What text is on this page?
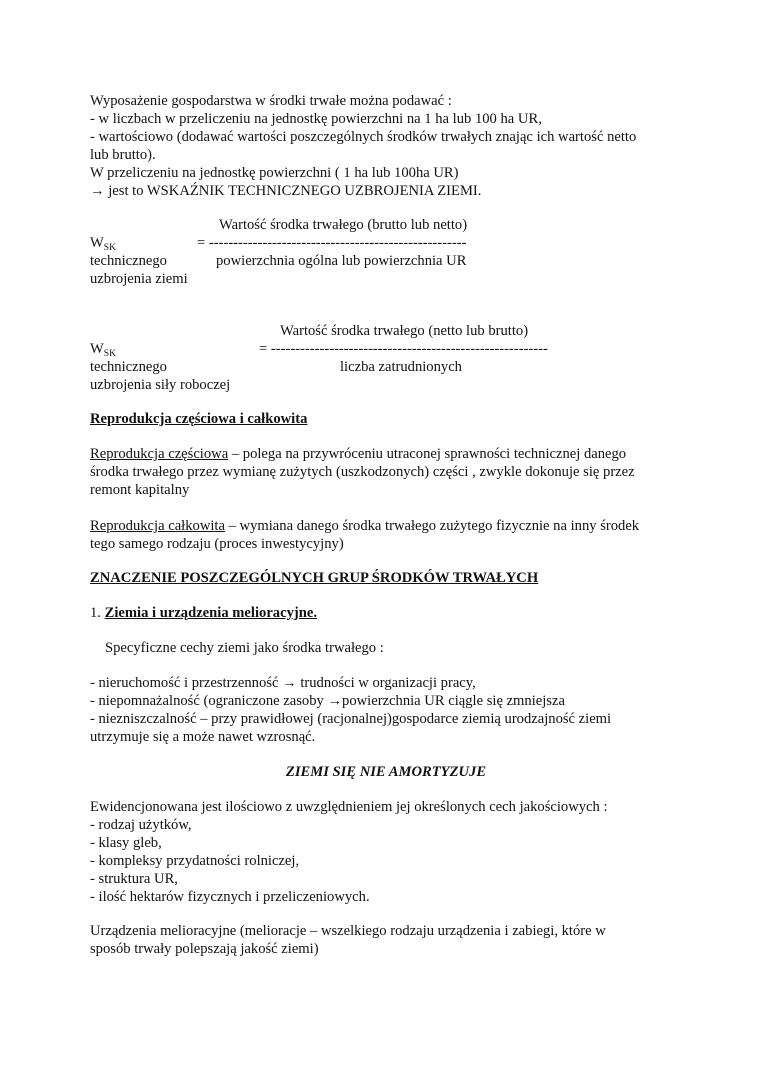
Wyposażenie gospodarstwa w środki trwałe można podawać :
- w liczbach w przeliczeniu na jednostkę powierzchni na 1 ha lub 100 ha UR,
- wartościowo (dodawać wartości poszczególnych środków trwałych znając ich wartość netto
lub brutto).
W przeliczeniu na jednostkę powierzchni ( 1 ha lub 100ha UR)
→ jest to WSKAŹNIK TECHNICZNEGO UZBROJENIA ZIEMI.
Wartość środka trwałego (brutto lub netto)
$W_{SK}$	= -----------------------------------------------------
technicznego	powierzchnia ogólna lub powierzchnia UR
uzbrojenia ziemi
Wartość środka trwałego (netto lub brutto)
$W_{SK}$	= ---------------------------------------------------------
technicznego	liczba zatrudnionych
uzbrojenia siły roboczej
Reprodukcja częściowa i całkowita
Reprodukcja częściowa – polega na przywróceniu utraconej sprawności technicznej danego
środka trwałego przez wymianę zużytych (uszkodzonych) części , zwykle dokonuje się przez
remont kapitalny
Reprodukcja całkowita – wymiana danego środka trwałego zużytego fizycznie na inny środek
tego samego rodzaju (proces inwestycyjny)
ZNACZENIE POSZCZEGÓLNYCH GRUP ŚRODKÓW TRWAŁYCH
1. Ziemia i urządzenia melioracyjne.
Specyficzne cechy ziemi jako środka trwałego :
- nieruchomość i przestrzenność → trudności w organizacji pracy,
- niepomnażalność (ograniczone zasoby →powierzchnia UR ciągle się zmniejsza
- niezniszczalność – przy prawidłowej (racjonalnej)gospodarce ziemią urodzajność ziemi
utrzymuje się a może nawet wzrosnąć.
ZIEMI SIĘ NIE AMORTYZUJE
Ewidencjonowana jest ilościowo z uwzględnieniem jej określonych cech jakościowych :
- rodzaj użytków,
- klasy gleb,
- kompleksy przydatności rolniczej,
- struktura UR,
- ilość hektarów fizycznych i przeliczeniowych.
Urządzenia melioracyjne (melioracje – wszelkiego rodzaju urządzenia i zabiegi, które w
sposób trwały polepszają jakość ziemi)
